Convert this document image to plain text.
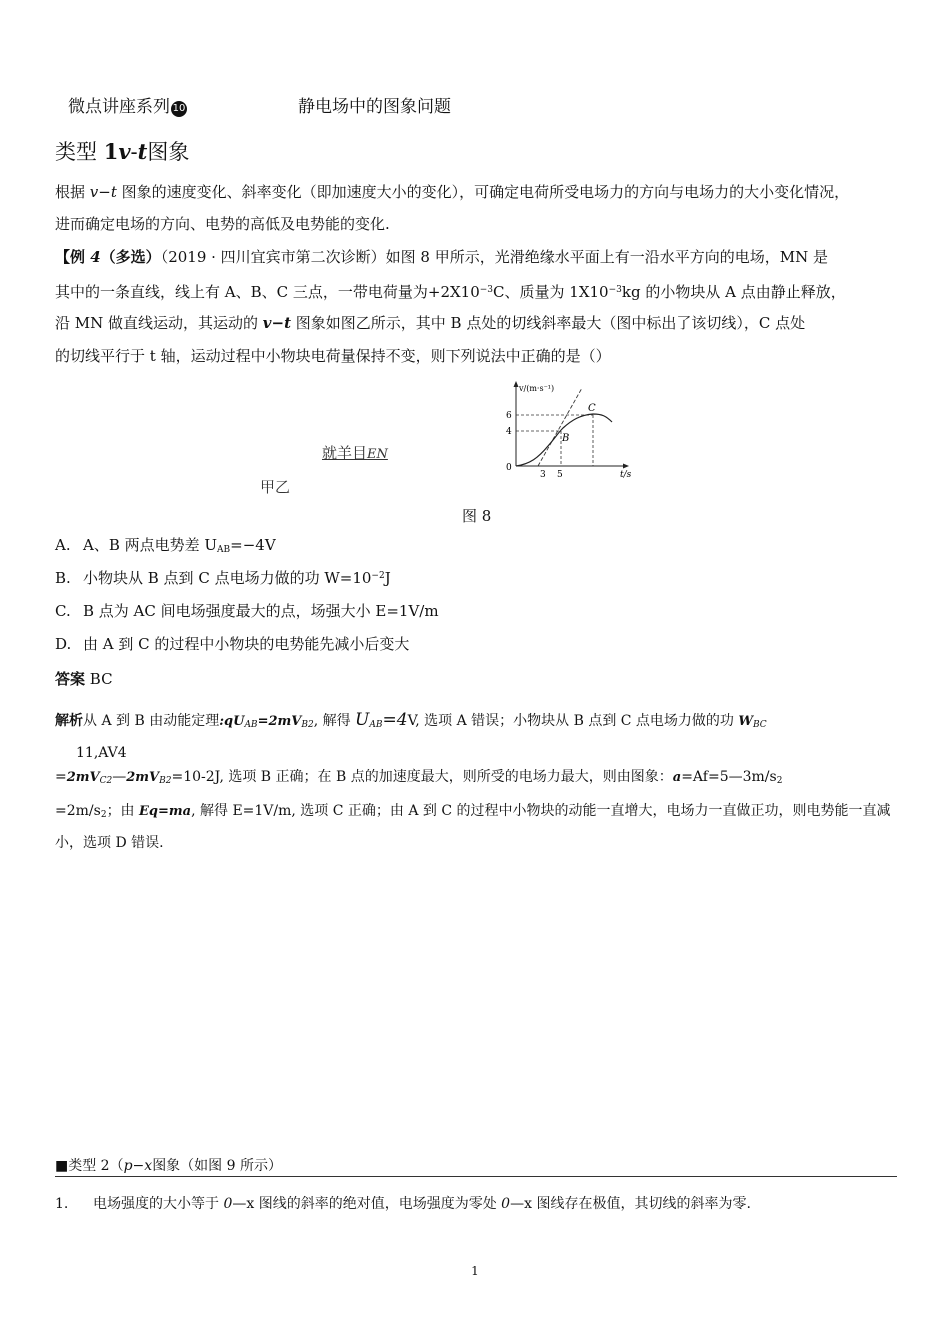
微点讲座系列 10	静电场中的图象问题
类型 1v-t图象
根据 v−t 图象的速度变化、斜率变化（即加速度大小的变化），可确定电荷所受电场力的方向与电场力的大小变化情况，
进而确定电场的方向、电势的高低及电势能的变化.
【例 4（多选）（2019 · 四川宜宾市第二次诊断）如图 8 甲所示，光滑绝缘水平面上有一沿水平方向的电场，MN 是
其中的一条直线，线上有 A、B、C 三点，一带电荷量为$+2X10^{-3}C$、质量为 $1X10^{-3}kg$ 的小物块从 A 点由静止释放，
沿 MN 做直线运动，其运动的 v−t 图象如图乙所示，其中 B 点处的切线斜率最大（图中标出了该切线），C 点处
的切线平行于 t 轴，运动过程中小物块电荷量保持不变，则下列说法中正确的是（）
就羊目EN
甲乙
v/(m·s⁻¹)
t/s
0
4
6
3 5
B
C
图 8
A. A、B 两点电势差 $U_{AB}=-4V$
B. 小物块从 B 点到 C 点电场力做的功 $W=10^{-2}J$
C. B 点为 AC 间电场强度最大的点，场强大小 E=1V/m
D. 由 A 到 C 的过程中小物块的电势能先减小后变大
答案 BC
解析从 A 到 B 由动能定理$:qU_{AB}=2mV_{B2}$, 解得 $U_{AB}=4V$, 选项 A 错误；小物块从 B 点到 C 点电场力做的功 $W_{BC}$
11,AV4
$=2mV_{C2}—2mV_{B2}=10-2J$, 选项 B 正确；在 B 点的加速度最大，则所受的电场力最大，则由图象：$a=Af=5—3m/s_2$
$=2m/s_2$；由 Eq=ma, 解得 E=1V/m, 选项 C 正确；由 A 到 C 的过程中小物块的动能一直增大，电场力一直做正功，则电势能一直减
小，选项 D 错误.
■类型 2（p−x图象（如图 9 所示）
1. 电场强度的大小等于 0—x 图线的斜率的绝对值，电场强度为零处 0—x 图线存在极值，其切线的斜率为零.
1
